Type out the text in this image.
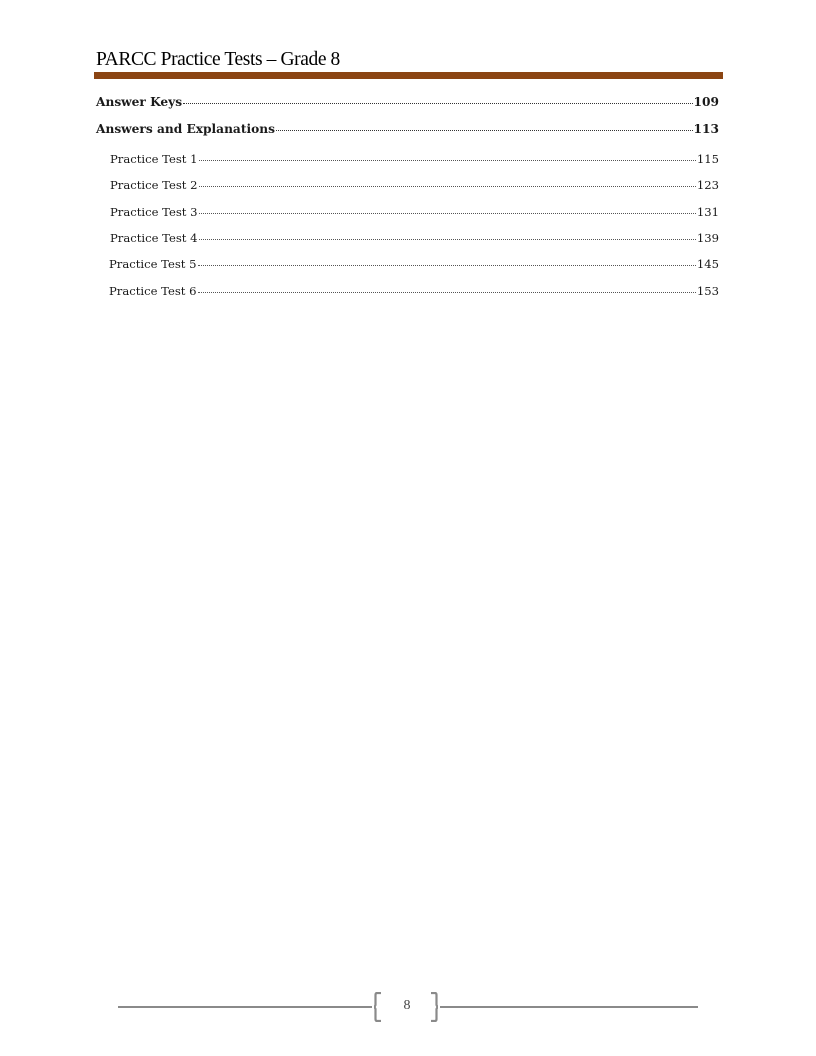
PARCC Practice Tests – Grade 8
Answer Keys	109
Answers and Explanations	113
Practice Test 1	115
Practice Test 2	123
Practice Test 3	131
Practice Test 4	139
Practice Test 5	145
Practice Test 6	153
8
